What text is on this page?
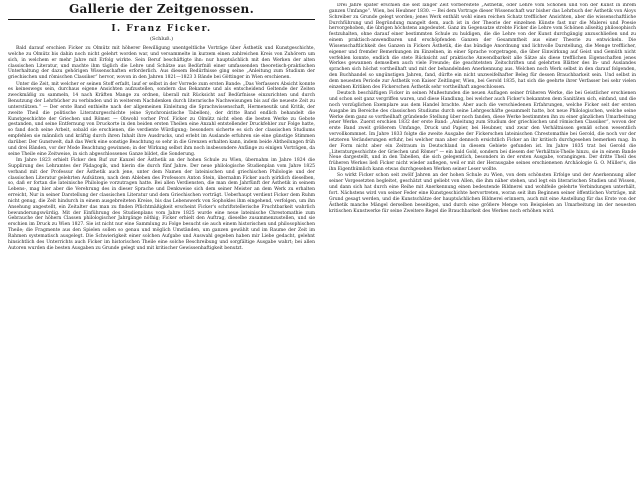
Gallerie der Zeitgenossen.
I. Franz Ficker.
(Schluß.)

Bald darauf erschien Ficker zu Olmütz mit höherer Bewilligung unentgeltliche Vorträge über Ästhetik und Kunstgeschichte, welche zu Olmütz bis dahin noch nicht gelehrt worden war, und versammelte in kurzem einen zahlreichen Kreis von Zuhörern um sich, in welchem er mehr Jahre mit Erfolg wirkte. Sein Beruf beschäftigte ihn: nur hauptsächlich mit den Werken der alten classischen Literatur, und machte ihm täglich die Lehre und Schätze aus Bedürfniß einer umfassenden theoretisch-praktischen Unterhaltung der dazu gehörigen Wissenschaften erforderlich. Aus diesem Bedürfnisse ging seine „Anleitung zum Studium der griechischen und römischen Classiker“ hervor, wovon in den Jahren 1821—1823 3 Bände bei Göttinger in Wien erschienen.

Unter die Zeit, mit welcher er seinen Stoff erfaßt, lauf er selbst in der Vorrede zum ersten Bande: „Das Verfassers Absicht konnte es keineswegs sein, durchaus eigene Ansichten aufzustellen, sondern das Bekannte und als entscheidend Geltende der Zeiten zweckmäßig zu sammeln, 14 nach Kräften Mange zu ordnen, überall mit Rücksicht auf Bedürfnisse einzurichten und durch Benutzung der Lehrbücher zu verbinden und in weiterem Nachdenken durch literarische Nachweisungen bis auf die neueste Zeit zu unterstützen.“ — Der erste Band enthielte nach der allgemeinen Einleitung die Sprachwissenschaft, Hermeneutik und Kritik, der zweite Theil die politische Literaturgeschichte (eine Synchronistische Tabellen), der dritte Band endlich behandelt die Kunstgeschichte der Griechen und Römer. — Obwohl vorher Prof. Ficker zu Olmütz nicht eben die besten Werke zu Gebote gestanden, und seine Entfernung von Druckorte in den beiden ersten Theilen eine Anzahl entstellender Druckfehler zur Folge hatte, so fand doch seine Arbeit, sobald sie erschienen, die verdiente Würdigung; besonders sicherte es sich der classischen Studiums empfehlen sie männlich und kräftig durch ihren Inhalt ihre Ausdrucks, und erlebt im Auslande erfuhren sie eine günstige Stimmen darüber. Der Gunstwelt, daß das Werk eine sonstige Beachtung so sehr in die Grenzen erhalten kann, indem beide Abtheilungen früh und drei Bänden, vor der Mode Beachtung gewinnen; in der Wirkung selbst ihm noch insbesondere Anfänge zu einigen Vorträgen, da seine Theile eine Zeitweise, in sich abgeschlossenes Ganze bildet, die Sonderung.

Im Jahre 1823 erhielt Ficker den Ruf zur Kanzel der Ästhetik an der hohen Schule zu Wien, übernahm im Jahre 1824 die Supplirung des Lehramtes der Pädagogik, und hierin die durch fünf Jahre. Der neue philologische Studienplan vom Jahre 1825 verband mit der Professur der Ästhetik auch jene, unter dem Namen der lateinischen und griechischen Philologie und der classischen Literatur gelehrten Aufsätzen, nach dem Ableben des Professors Anton Stein, übernahm Ficker auch wirklich dieselben, so, daß er fortan die lateinische Philologie vorzutragen hatte. Bei allen Verdiensten, die man dem Jahrfünft der Ästhetik in seinem Lebens-, mag hier aber die Verehrung des in dieser Sprache und Denkweise sich dem seiner Meister an dem Werk zu erhalten erreicht, Nur in seiner Darstellung der classischen Literatur und dem Griechischen vorträgt. Ueberhaupt verdient Ficker dem Ruhm nicht genug, die Zeit hindurch in einem ausgebreiteten Kreise, bis das Lebenswerk von Sophokles ihm eingehend, verfolgen, um ihn Ansehung angestellt, ein Zeitalter das man zu finden Pflichtmäßigkeit erscheint Ficker's schriftstellerische Fruchtbarkeit wahrlich bewunderungswürdig. Mit der Einführung des Studienplans vom Jahre 1825 wurde eine neue lateinische Chrestomathie zum Gebrauche der höhern Classen philologischer Jahrgänge nöthig; Ficker erhielt den Auftrag, dieselbe zusammenzustellen, und sie erschien im Druck zu Wien 1827. Sie ist nicht nur eine Sammlung zu Folge besucht sie auch einem historischen und philosophischen Theile; die Fragmente aus den Spielen sollen so genau und möglich Umständen, um ganzen gewählt und im Raume der Zeit im Rahmen systematisch ausgelegt. Die Schwierigkeit einer solchen Aufgabe und Auswahl gegeben haben mir Liebe gedacht, gelehnt hinsichtlich des Unterrichts auch Ficker im historischen Theile eine solche Beschreibung und sorgfältige Ausgabe wahrt; bei allen Autoren wurden die besten Ausgaben zu Grunde gelegt und mit kritischer Gewissenhaftigkeit benutzt.

Drei Jahre später erschien die seit langer Zeit vorbereitete „Ästhetik, oder Lehre vom Schönen und von der Kunst in ihrem ganzen Umfange“. Wien, bei Heubner 1830. — Bei dem Vortrage dieser Wissenschaft war bisher das Lehrbuch der Ästhetik von Aloys Schreiber zu Grunde gelegt worden; jenes Werk enthält wohl einen reichen Schatz trefflicher Ansichten, aber die wissenschaftliche Durchführung und Begründung mangelt dem, auch ist in der Theorie der einzelnen Künste fast nur die Malerei und Poesie hervorgehoben, die übrigen höchstens angedeutet. Ganz im Gegensatze strebte Ficker die Lehre vom Schönen allseitig philosophisch festzuhalten, ohne darauf einer bestimmten Schule zu huldigen, die die Lehre von der Kunst durchgängig anzuschließen und zu einem praktisch-anwendbaren und erschöpfenden Ganzen der Gesammtheit aus einer Theorie zu entwickeln. Die Wissenschaftlichkeit des Ganzen in Fickers Ästhetik, die das bündige Anordnung und lichtvolle Darstellung, die Menge trefflicher, eigener und fremder Bemerkungen im Einzelnen, in einer Sprache vorgetragen, die über Einwirkung auf Geist und Gemüth nicht verfehlen konnte, endlich die stete Rücksicht auf praktische Anwendbarkeit alle Sätze als diese trefflichen Eigenschaften jenes Werkes gewannen demselben auch viele Freunde; die geachtetsten Zeitschriften und gelehrten Blätter des In- und Auslandes sprachen sich höchst vortheilhaft und mit der behandelnden Anerkennung aus. Welchen noch Werk selbst in den darauf folgenden, den Buchhandel so ungünstigen Jahren, fand, dürfte ein nicht unzweifelhafter Beleg für dessen Brauchbarkeit sein. Und selbst in dem neuesten Periode zur Ästhetik von Kaiser Zeitlinger, Wien, bei Gerold 1835, hat sich die geehrte ihrer Verfasser bei sehr vielen einzelnen Kritiken des Fickerschen Ästhetik sehr vortheilhaft angeschlossen.

Deutsch beschäftigen Ficker in seinen Mußestunden die neuen Auflagen seiner früheren Werke, die bei Geistlicher erschienen und schon seit ganz vergriffen waren, und diese Handlung, bei welcher auch Ficker's bekannten dem Sanitäten sich, einfand, und die noch vorzüglichen Exemplare aus dem Handel brachte. Aber auch die verschiedenen Erfahrungen, welche Ficker seit der ersten Ausgabe im Bereiche des classischen Studiums durch seine Lehrgeschäfte gesammelt hatte, bot neue Philologischen, welche seine Werke dem ganz so vortheilhaft gründende Stellung über noch fanden, diese Werke bestimmten ihn zu einer gänzlichen Umarbeitung jener Werke. Zuerst erschien 1832 der erste Band: „Anleitung zum Studium der griechischen und römischen Classiker“, wovon der erste Band zweit größerem Umfange, Druck und Papier, bei Heubner, und zwar den Verhältnissen gemäß schon wesentlich vervollkommnet. Im Jahre 1833 folgte die zweite Ausgabe der Fickerschen lateinischen Chrestomathie bei Gerold, die noch vor der letzteren Veränderungen erfuhr, bei welcher man aber dennoch ersichtlich Ficker an ihr kritisch durchgesehen bemerken mag. In der Form nicht aber ein Zeitraum in Deutschland in diesem Gebiete gefunden ist. Im Jahre 1835 trat bei Gerold die „Literaturgeschichte der Griechen und Römer“ — ein bald Gold, sondern bei diesem der Verhältnis-Theile hinzu, sie in einem Bande Neue dargestellt, und in den Tabellen, die sich gelegentlich, besonders in der ersten Ausgabe, vorangingen. Der dritte Theil des früheren Werkes ließ Ficker nicht wieder auflegen, weil er mit der Herausgabe seines erschienenen Archäologie G. O. Müller's, die ihn Eigenthümlich kann etwas durchgesehen Werken seiner Leser wollte.

So wirkt Ficker schon seit zwölf Jahren an der hohen Schule zu Wien, von dem schönsten Erfolge und der Anerkennung aller seiner Vorgesetzten begleitet, geschätzt und geliebt von Allen, die ihm näher stehen, und legt ein literarischen Studien und Wissen, und dann sich hat durch eine Reihe mit Anerkennung einen bedeutende Bildnerei und wohlfeile gelehrte Verbindungen unterhält, fort. Nächstens wird von seiner Feder eine Kunstgeschichte hervortreten, woran seit ihm Beginnen seiner öffentlichen Vorträge, mit Grund gesagt werden, und die Kunstschätze der hauptsächlichen Bildnerei erinnern, auch mit eine Anstellung für das Erste von der Ästhetik manche Mängel derselben beseitigen, und durch eine größere Menge von Beispielen an Umarbeitung im der neuesten kritischen Kunstwerke für seine Zweitere Regel die Brauchbarkeit des Werkes noch erhöhen wird.
